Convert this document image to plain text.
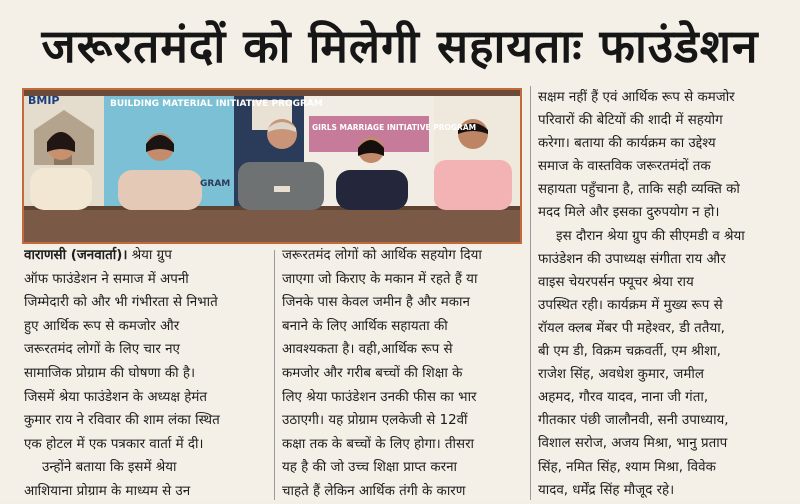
जरूरतमंदों को मिलेगी सहायताः फाउंडेशन
BMIP	BUILDING MATERIAL INITIATIVE PROGRAM
GRAM
GIRLS MARRIAGE INITIATIVE PROGRAM
वाराणसी (जनवार्ता)। श्रेया ग्रुप
ऑफ फाउंडेशन ने समाज में अपनी
जिम्मेदारी को और भी गंभीरता से निभाते
हुए आर्थिक रूप से कमजोर और
जरूरतमंद लोगों के लिए चार नए
सामाजिक प्रोग्राम की घोषणा की है।
जिसमें श्रेया फाउंडेशन के अध्यक्ष हेमंत
कुमार राय ने रविवार की शाम लंका स्थित
एक होटल में एक पत्रकार वार्ता में दी।
उन्होंने बताया कि इसमें श्रेया
आशियाना प्रोग्राम के माध्यम से उन
जरूरतमंद लोगों को आर्थिक सहयोग दिया
जाएगा जो किराए के मकान में रहते हैं या
जिनके पास केवल जमीन है और मकान
बनाने के लिए आर्थिक सहायता की
आवश्यकता है। वही,आर्थिक रूप से
कमजोर और गरीब बच्चों की शिक्षा के
लिए श्रेया फाउंडेशन उनकी फीस का भार
उठाएगी। यह प्रोग्राम एलकेजी से 12वीं
कक्षा तक के बच्चों के लिए होगा। तीसरा
यह है की जो उच्च शिक्षा प्राप्त करना
चाहते हैं लेकिन आर्थिक तंगी के कारण
सक्षम नहीं हैं एवं आर्थिक रूप से कमजोर
परिवारों की बेटियों की शादी में सहयोग
करेगा। बताया की कार्यक्रम का उद्देश्य
समाज के वास्तविक जरूरतमंदों तक
सहायता पहुँचाना है, ताकि सही व्यक्ति को
मदद मिले और इसका दुरुपयोग न हो।
इस दौरान श्रेया ग्रुप की सीएमडी व श्रेया
फाउंडेशन की उपाध्यक्ष संगीता राय और
वाइस चेयरपर्सन फ्यूचर श्रेया राय
उपस्थित रही। कार्यक्रम में मुख्य रूप से
रॉयल क्लब मेंबर पी महेश्वर, डी ततैया,
बी एम डी, विक्रम चक्रवर्ती, एम श्रीशा,
राजेश सिंह, अवधेश कुमार, जमील
अहमद, गौरव यादव, नाना जी गंता,
गीतकार पंछी जालौनवी, सनी उपाध्याय,
विशाल सरोज, अजय मिश्रा, भानु प्रताप
सिंह, नमित सिंह, श्याम मिश्रा, विवेक
यादव, धर्मेंद्र सिंह मौजूद रहे।
